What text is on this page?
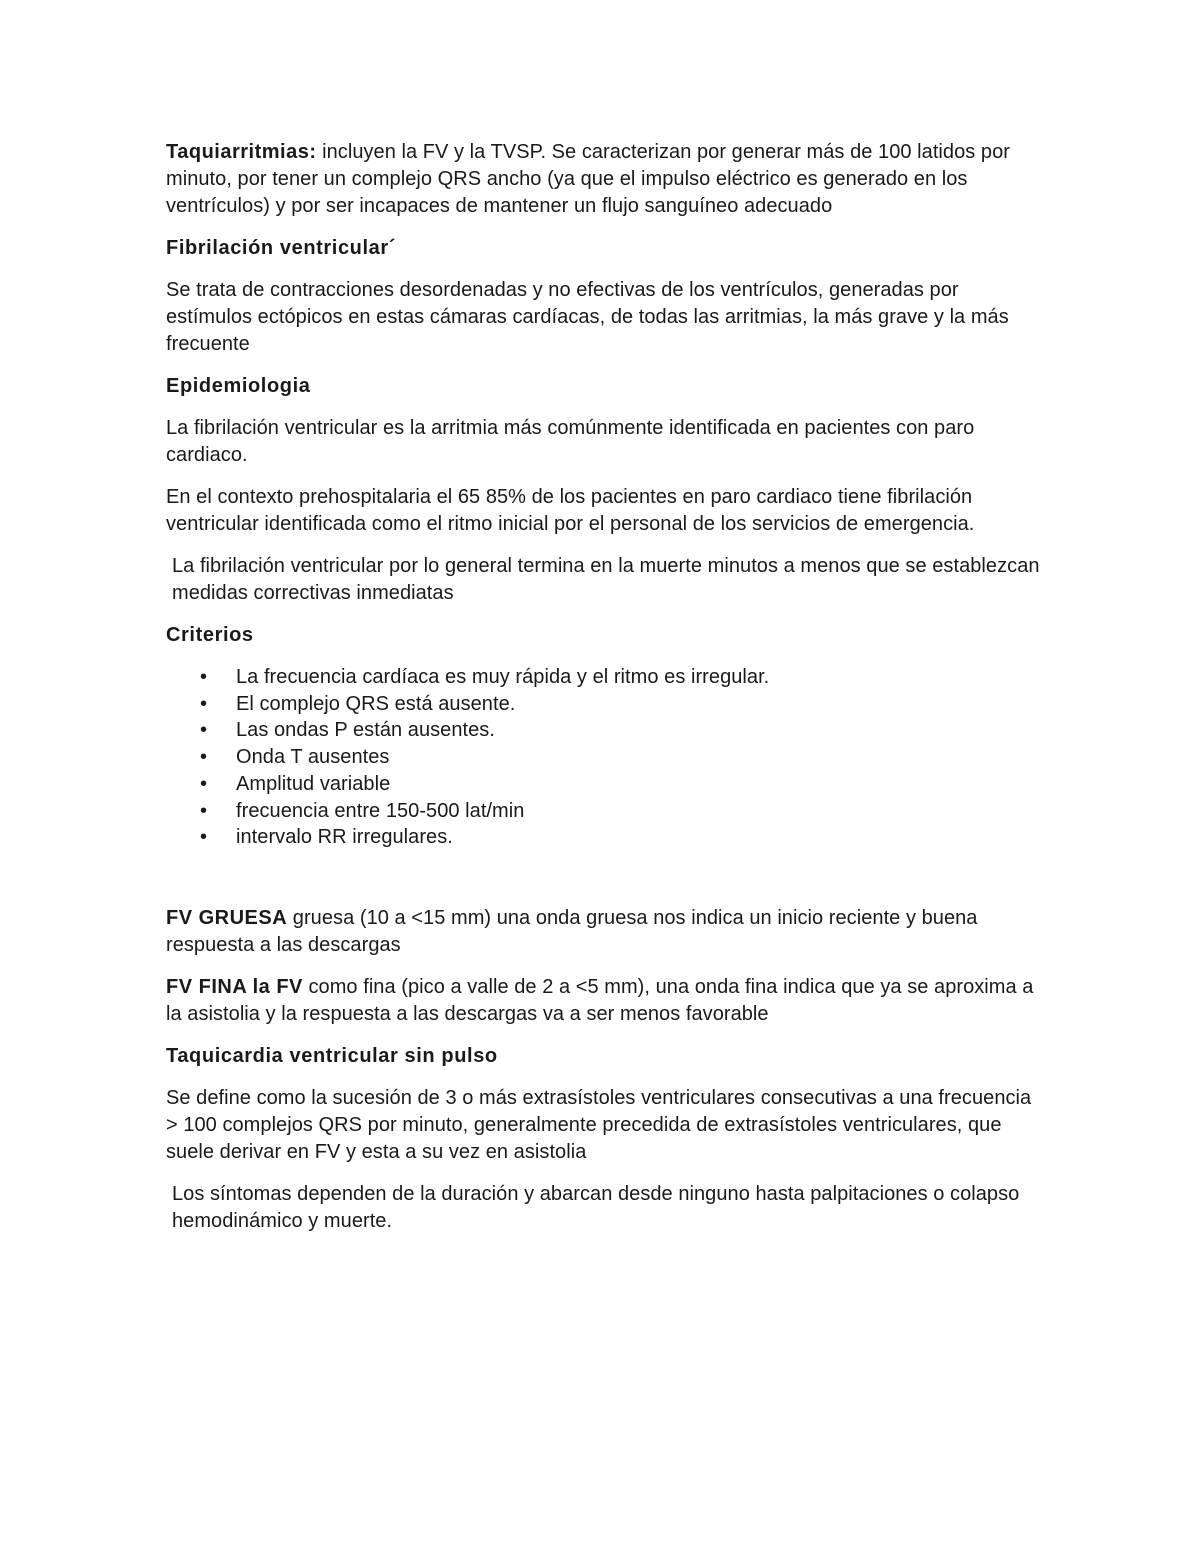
Taquiarritmias: incluyen la FV y la TVSP. Se caracterizan por generar más de 100 latidos por minuto, por tener un complejo QRS ancho (ya que el impulso eléctrico es generado en los ventrículos) y por ser incapaces de mantener un flujo sanguíneo adecuado

Fibrilación ventricular´

Se trata de contracciones desordenadas y no efectivas de los ventrículos, generadas por estímulos ectópicos en estas cámaras cardíacas, de todas las arritmias, la más grave y la más frecuente

Epidemiologia

La fibrilación ventricular es la arritmia más comúnmente identificada en pacientes con paro cardiaco.

En el contexto prehospitalaria el 65 85% de los pacientes en paro cardiaco tiene fibrilación ventricular identificada como el ritmo inicial por el personal de los servicios de emergencia.

La fibrilación ventricular por lo general termina en la muerte minutos a menos que se establezcan medidas correctivas inmediatas

Criterios
• La frecuencia cardíaca es muy rápida y el ritmo es irregular.
• El complejo QRS está ausente.
• Las ondas P están ausentes.
• Onda T ausentes
• Amplitud variable
• frecuencia entre 150-500 lat/min
• intervalo RR irregulares.

FV GRUESA gruesa (10 a <15 mm) una onda gruesa nos indica un inicio reciente y buena respuesta a las descargas

FV FINA la FV como fina (pico a valle de 2 a <5 mm), una onda fina indica que ya se aproxima a la asistolia y la respuesta a las descargas va a ser menos favorable

Taquicardia ventricular sin pulso

Se define como la sucesión de 3 o más extrasístoles ventriculares consecutivas a una frecuencia > 100 complejos QRS por minuto, generalmente precedida de extrasístoles ventriculares, que suele derivar en FV y esta a su vez en asistolia

Los síntomas dependen de la duración y abarcan desde ninguno hasta palpitaciones o colapso hemodinámico y muerte.
